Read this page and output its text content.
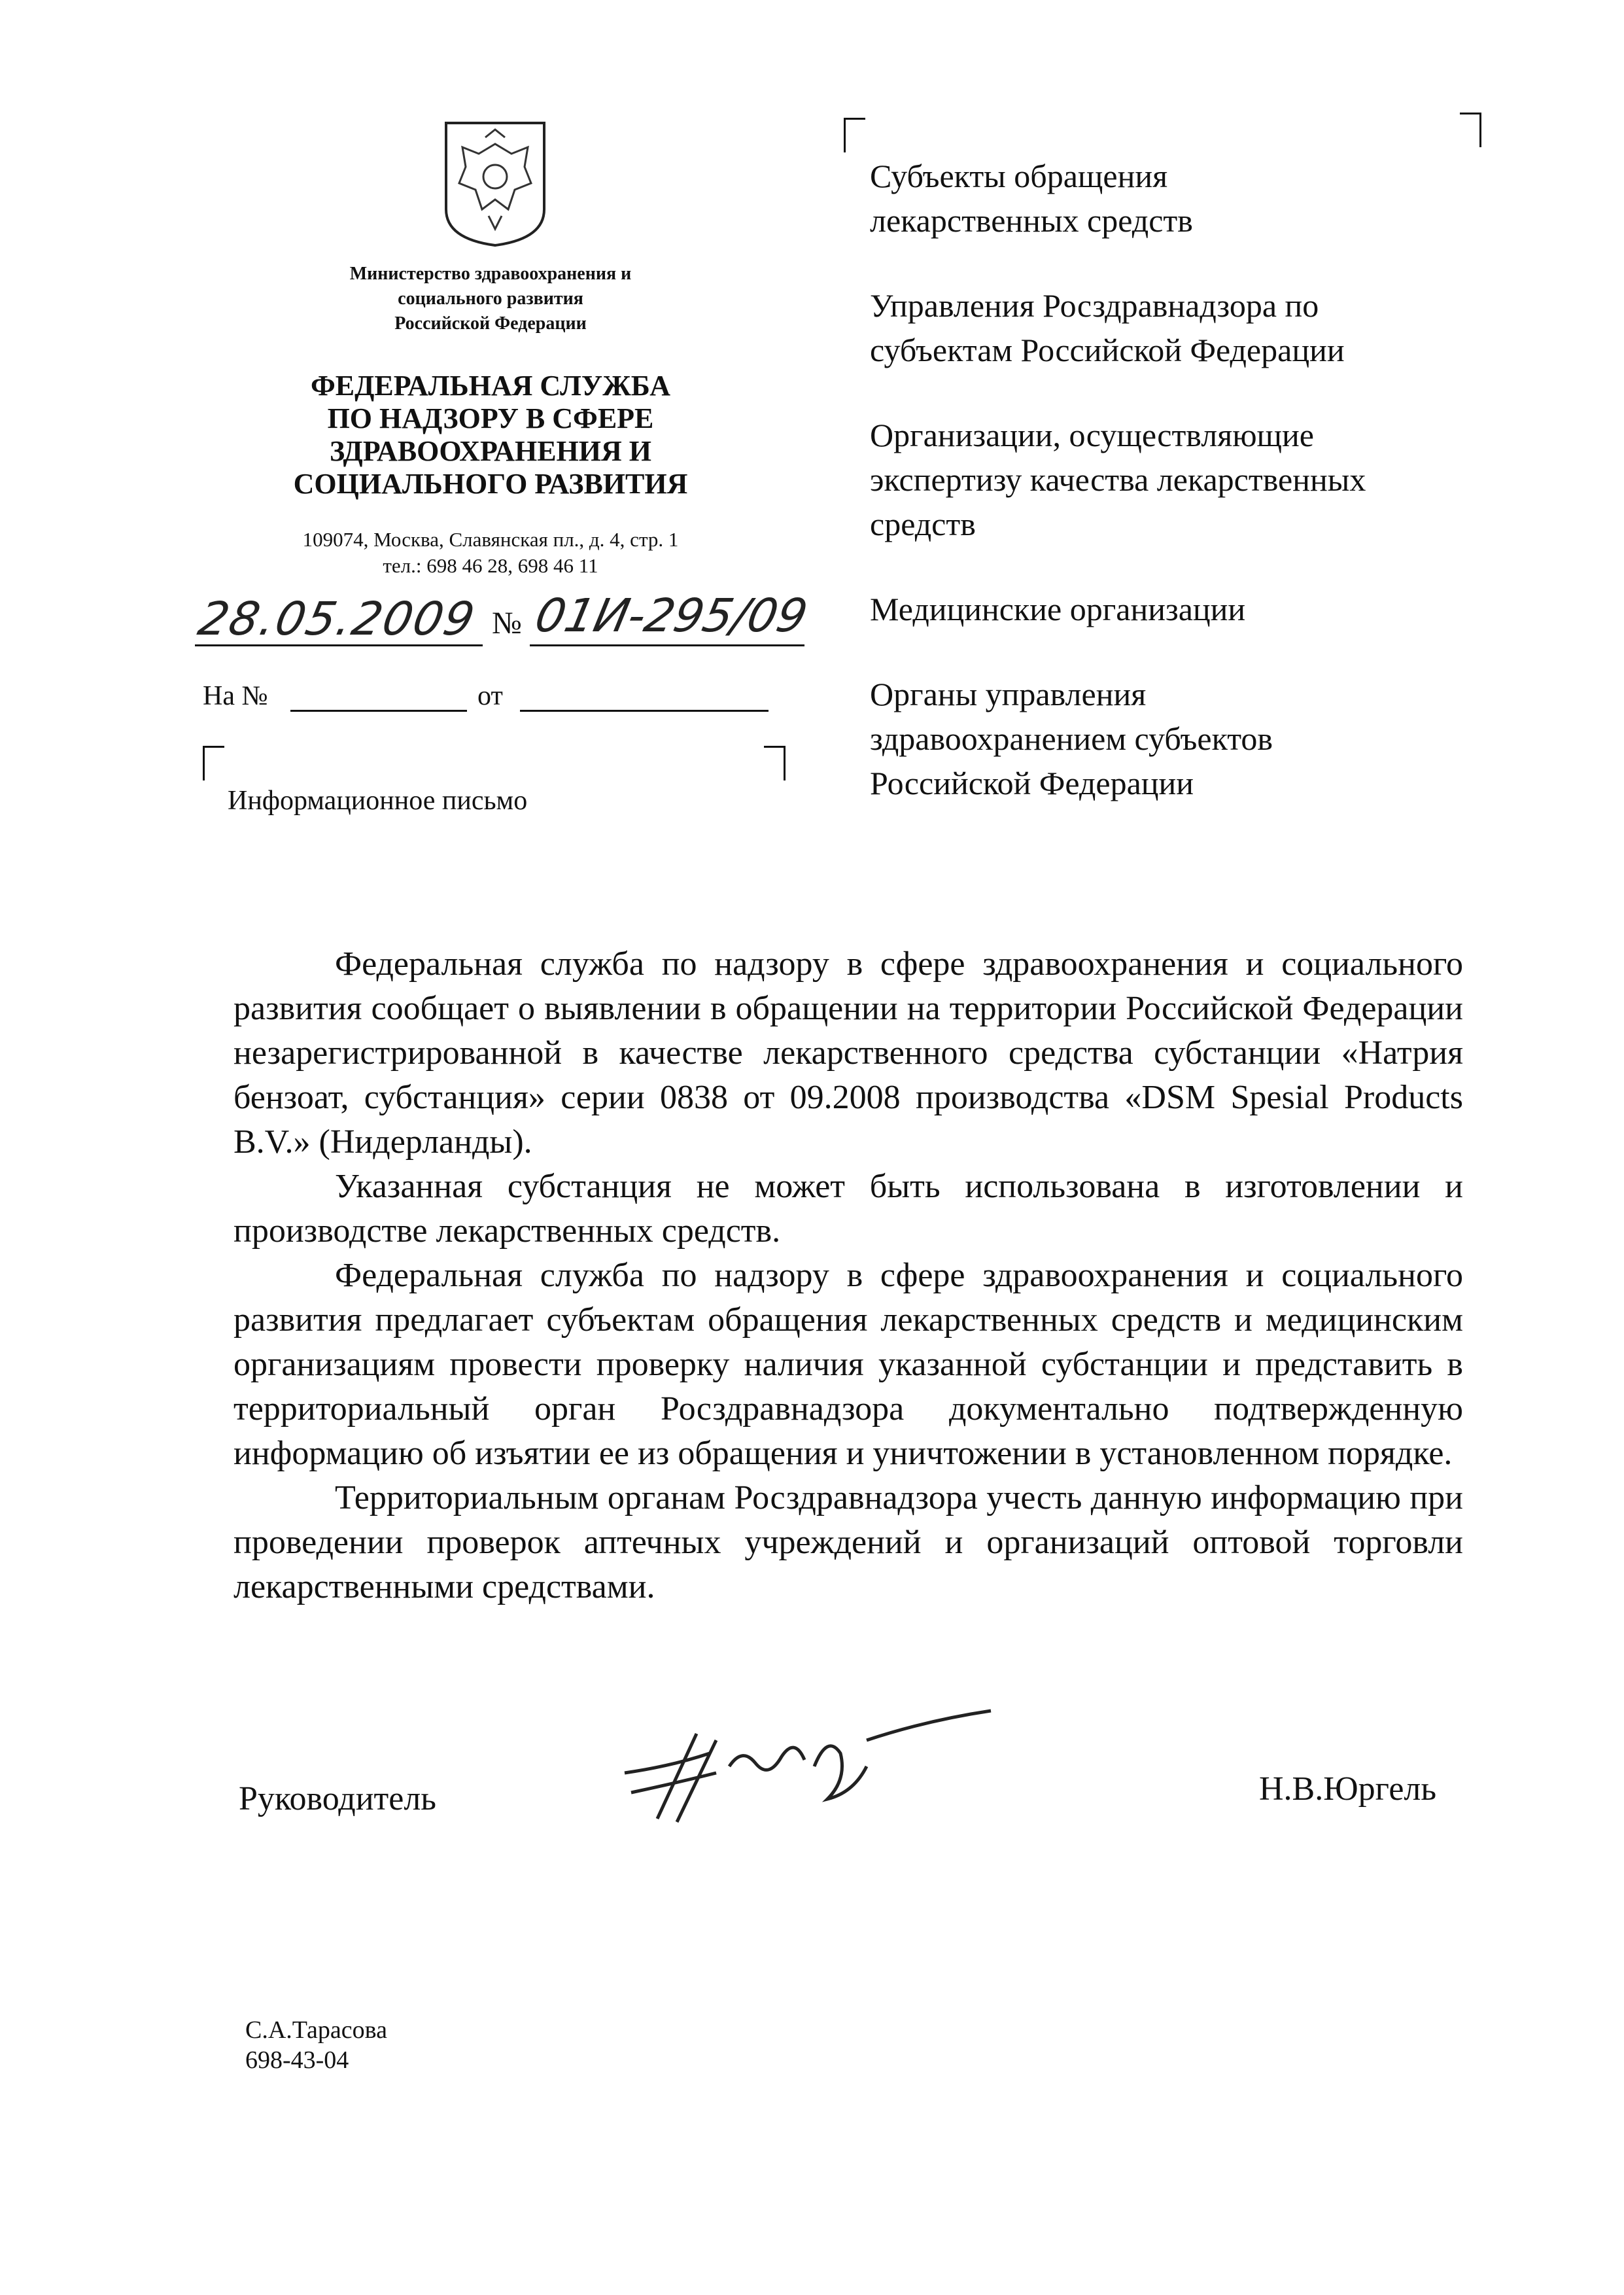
Министерство здравоохранения и
социального развития
Российской Федерации
ФЕДЕРАЛЬНАЯ СЛУЖБА
ПО НАДЗОРУ В СФЕРЕ
ЗДРАВООХРАНЕНИЯ И
СОЦИАЛЬНОГО РАЗВИТИЯ
109074, Москва, Славянская пл., д. 4, стр. 1
тел.: 698 46 28, 698 46 11
28.05.2009 № 01И-295/09
На №	от
Информационное письмо
Субъекты обращения
лекарственных средств
Управления Росздравнадзора по
субъектам Российской Федерации
Организации, осуществляющие
экспертизу качества лекарственных
средств
Медицинские организации
Органы управления
здравоохранением субъектов
Российской Федерации

Федеральная служба по надзору в сфере здравоохранения и социального развития сообщает о выявлении в обращении на территории Российской Федерации незарегистрированной в качестве лекарственного средства субстанции «Натрия бензоат, субстанция» серии 0838 от 09.2008 производства «DSM Spesial Products B.V.» (Нидерланды).

Указанная субстанция не может быть использована в изготовлении и производстве лекарственных средств.

Федеральная служба по надзору в сфере здравоохранения и социального развития предлагает субъектам обращения лекарственных средств и медицинским организациям провести проверку наличия указанной субстанции и представить в территориальный орган Росздравнадзора документально подтвержденную информацию об изъятии ее из обращения и уничтожении в установленном порядке.

Территориальным органам Росздравнадзора учесть данную информацию при проведении проверок аптечных учреждений и организаций оптовой торговли лекарственными средствами.

Руководитель	Н.В.Юргель
С.А.Тарасова
698-43-04
